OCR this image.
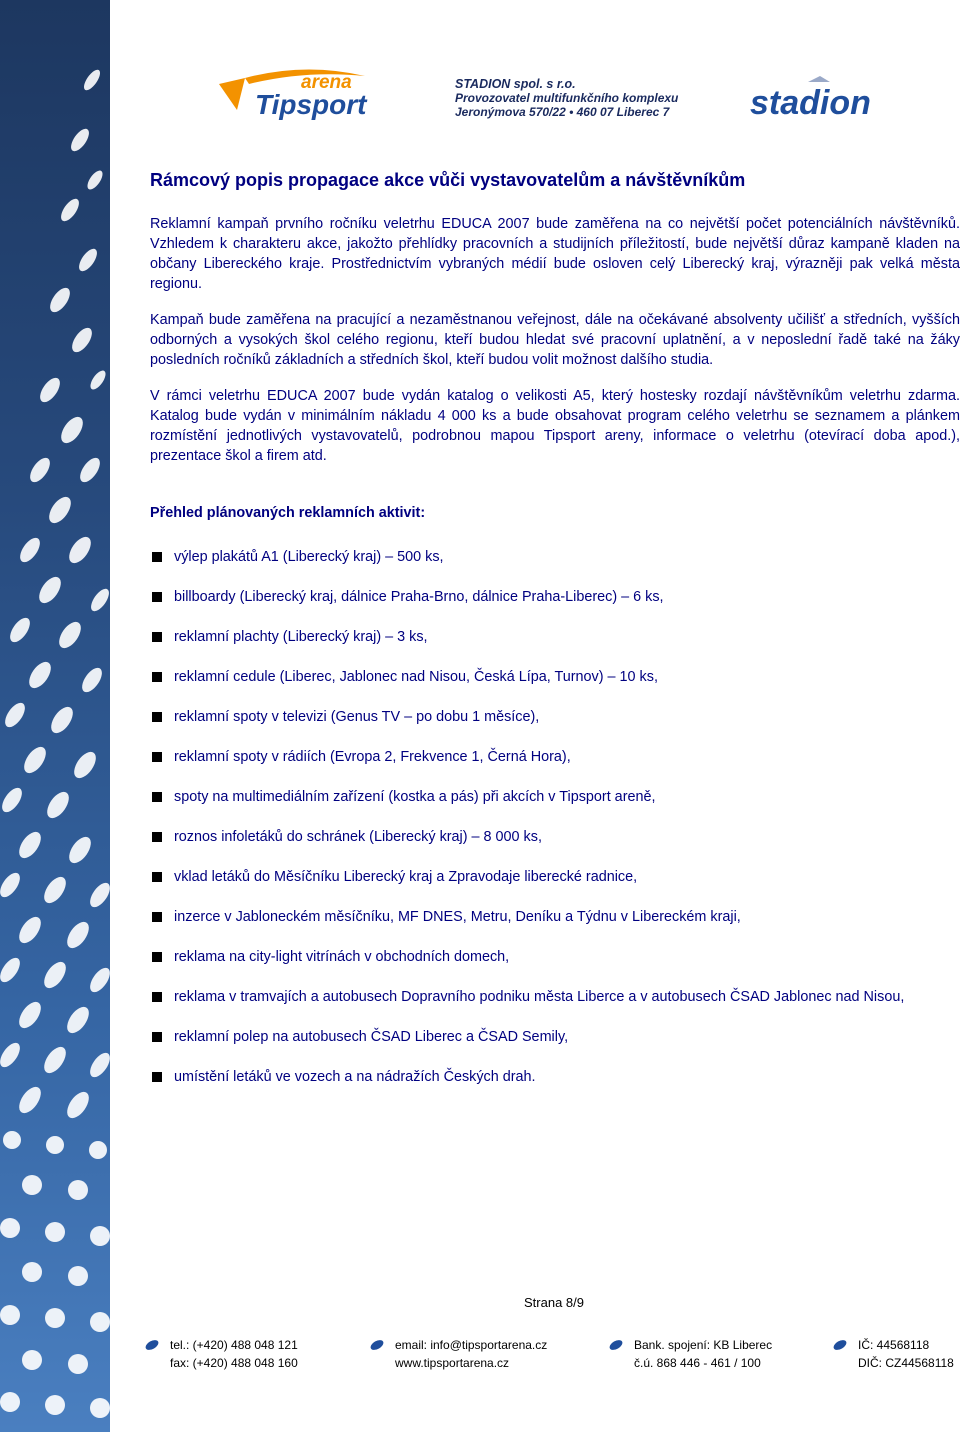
arena
Tipsport
STADION spol. s r.o.
Provozovatel multifunkčního komplexu
Jeronýmova 570/22 • 460 07 Liberec 7	stadion
Rámcový popis propagace akce vůči vystavovatelům a návštěvníkům

Reklamní kampaň prvního ročníku veletrhu EDUCA 2007 bude zaměřena na co největší počet potenciálních návštěvníků. Vzhledem k charakteru akce, jakožto přehlídky pracovních a studijních příležitostí, bude největší důraz kampaně kladen na občany Libereckého kraje. Prostřednictvím vybraných médií bude osloven celý Liberecký kraj, výrazněji pak velká města regionu.

Kampaň bude zaměřena na pracující a nezaměstnanou veřejnost, dále na očekávané absolventy učilišť a středních, vyšších odborných a vysokých škol celého regionu, kteří budou hledat své pracovní uplatnění, a v neposlední řadě také na žáky posledních ročníků základních a středních škol, kteří budou volit možnost dalšího studia.

V rámci veletrhu EDUCA 2007 bude vydán katalog o velikosti A5, který hostesky rozdají návštěvníkům veletrhu zdarma. Katalog bude vydán v minimálním nákladu 4 000 ks a bude obsahovat program celého veletrhu se seznamem a plánkem rozmístění jednotlivých vystavovatelů, podrobnou mapou Tipsport areny, informace o veletrhu (otevírací doba apod.), prezentace škol a firem atd.

Přehled plánovaných reklamních aktivit:
výlep plakátů A1 (Liberecký kraj) – 500 ks,
billboardy (Liberecký kraj, dálnice Praha-Brno, dálnice Praha-Liberec) – 6 ks,
reklamní plachty (Liberecký kraj) – 3 ks,
reklamní cedule (Liberec, Jablonec nad Nisou, Česká Lípa, Turnov) – 10 ks,
reklamní spoty v televizi (Genus TV – po dobu 1 měsíce),
reklamní spoty v rádiích (Evropa 2, Frekvence 1, Černá Hora),
spoty na multimediálním zařízení (kostka a pás) při akcích v Tipsport areně,
roznos infoletáků do schránek (Liberecký kraj) – 8 000 ks,
vklad letáků do Měsíčníku Liberecký kraj a Zpravodaje liberecké radnice,
inzerce v Jabloneckém měsíčníku, MF DNES, Metru, Deníku a Týdnu v Libereckém kraji,
reklama na city-light vitrínách v obchodních domech,
reklama v tramvajích a autobusech Dopravního podniku města Liberce a v autobusech ČSAD Jablonec nad Nisou,
reklamní polep na autobusech ČSAD Liberec a ČSAD Semily,
umístění letáků ve vozech a na nádražích Českých drah.
Strana 8/9
tel.: (+420) 488 048 121
fax: (+420) 488 048 160
email: info@tipsportarena.cz
www.tipsportarena.cz
Bank. spojení: KB Liberec
č.ú. 868 446 - 461 / 100
IČ: 44568118
DIČ: CZ44568118
